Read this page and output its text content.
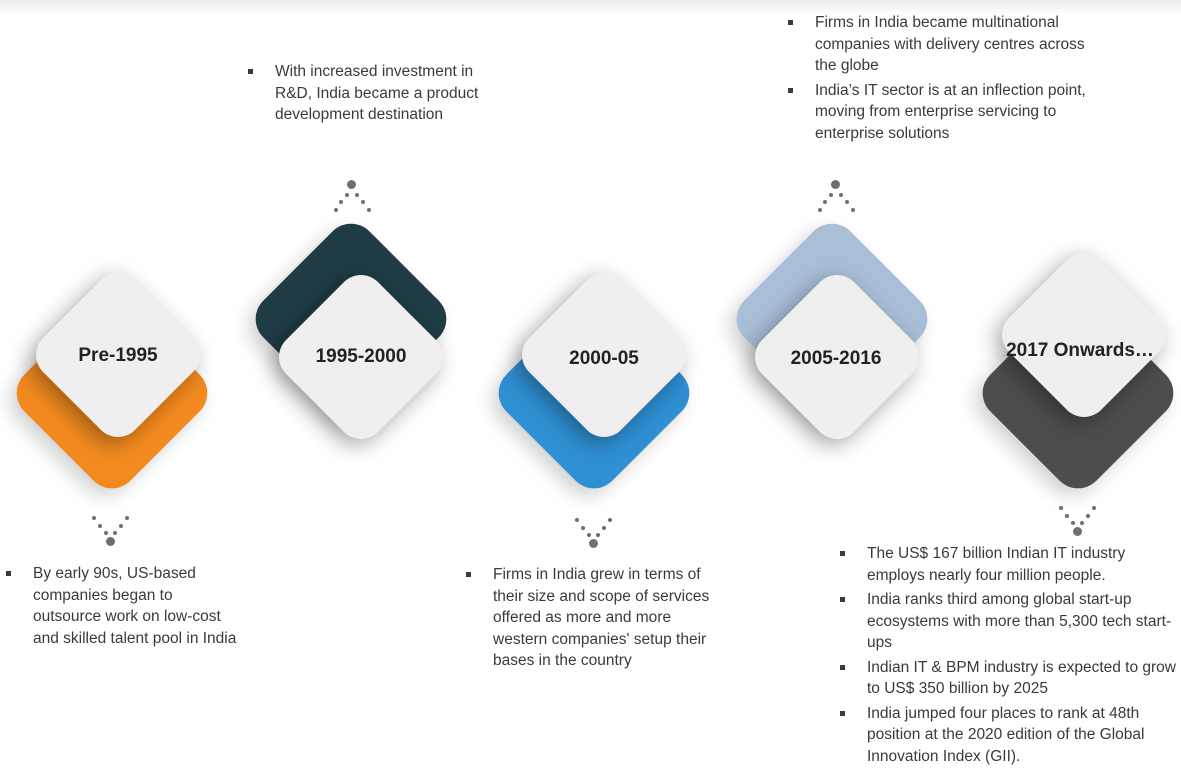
Pre-1995
By early 90s, US-based companies began to outsource work on low-cost and skilled talent pool in India
1995-2000
With increased investment in R&D, India became a product development destination
2000-05
Firms in India grew in terms of their size and scope of services offered as more and more western companies' setup their bases in the country
2005-2016
Firms in India became multinational companies with delivery centres across the globe
India’s IT sector is at an inflection point, moving from enterprise servicing to enterprise solutions
2017 Onwards…
The US$ 167 billion Indian IT industry employs nearly four million people.
India ranks third among global start-up ecosystems with more than 5,300 tech start-ups
Indian IT & BPM industry is expected to grow to US$ 350 billion by 2025
India jumped four places to rank at 48th position at the 2020 edition of the Global Innovation Index (GII).
